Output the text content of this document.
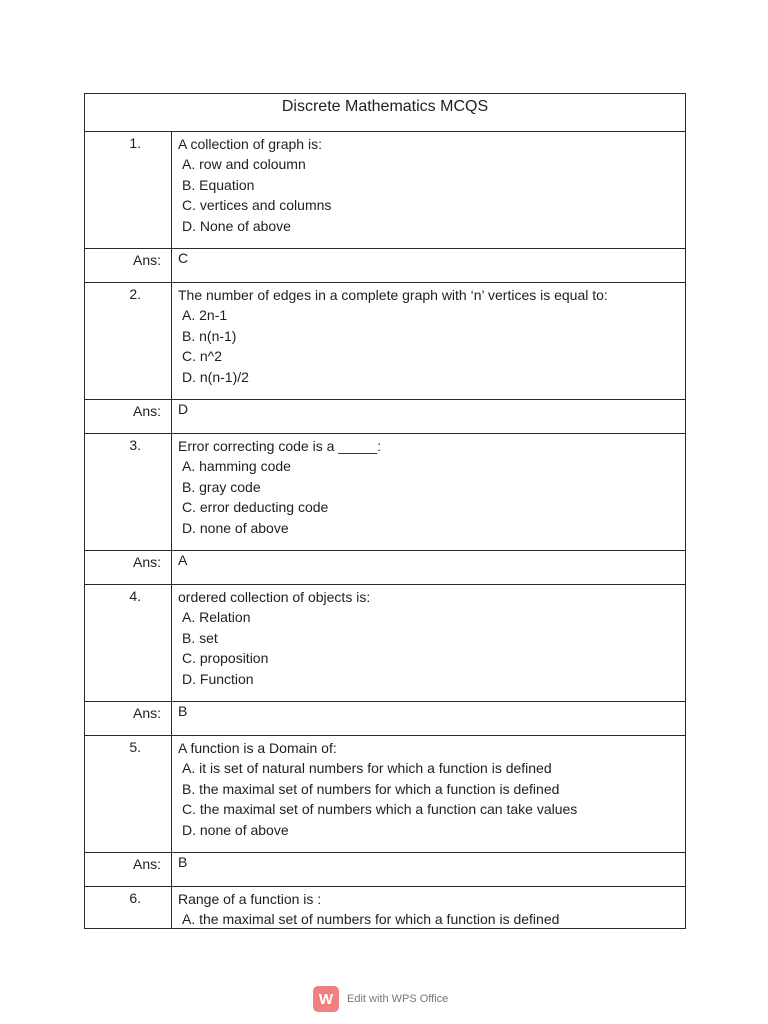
Discrete Mathematics MCQS
1.	A collection of graph is:
A. row and coloumn
B. Equation
C. vertices and columns
D. None of above
Ans:	C
2.	The number of edges in a complete graph with ‘n’ vertices is equal to:
A. 2n-1
B. n(n-1)
C. n^2
D. n(n-1)/2
Ans:	D
3.	Error correcting code is a _____:
A. hamming code
B. gray code
C. error deducting code
D. none of above
Ans:	A
4.	ordered collection of objects is:
A. Relation
B. set
C. proposition
D. Function
Ans:	B
5.	A function is a Domain of:
A. it is set of natural numbers for which a function is defined
B. the maximal set of numbers for which a function is defined
C. the maximal set of numbers which a function can take values
D. none of above
Ans:	B
6.	Range of a function is :
A. the maximal set of numbers for which a function is defined
W	Edit with WPS Office
